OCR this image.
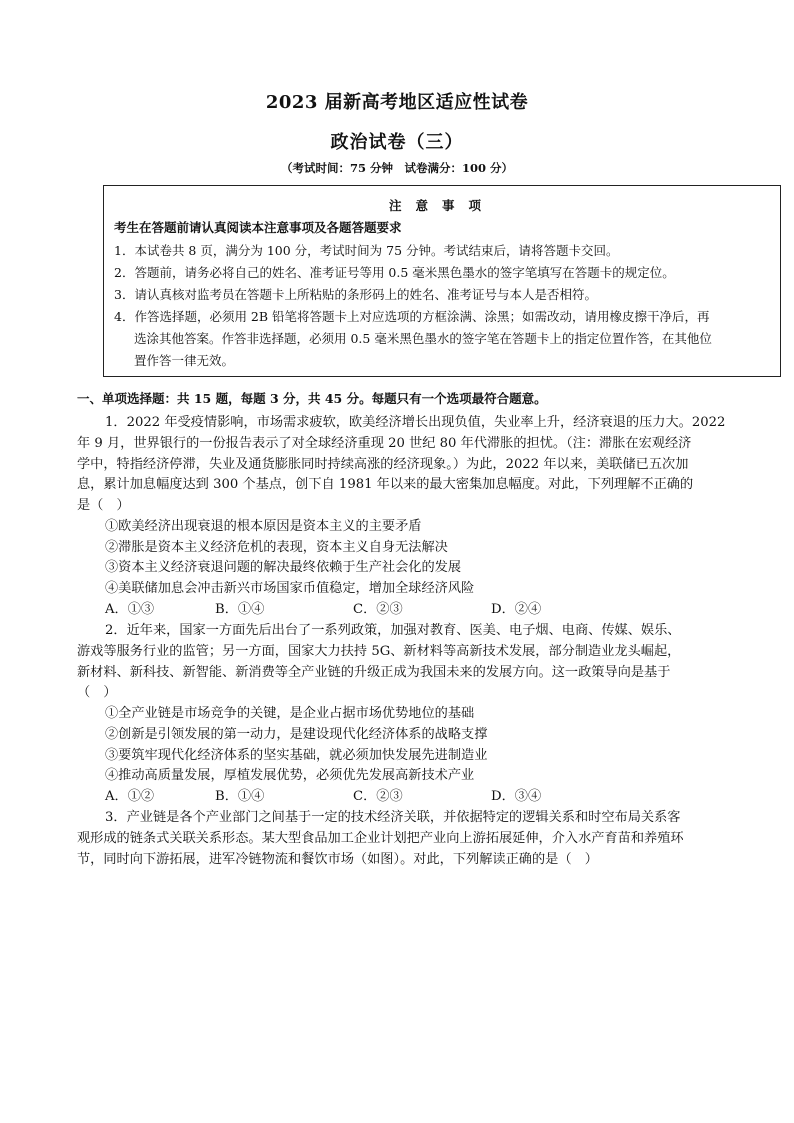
2023 届新高考地区适应性试卷
政治试卷（三）
（考试时间：75 分钟　试卷满分：100 分）
注意事项
考生在答题前请认真阅读本注意事项及各题答题要求
1．本试卷共 8 页，满分为 100 分，考试时间为 75 分钟。考试结束后，请将答题卡交回。
2．答题前，请务必将自己的姓名、准考证号等用 0.5 毫米黑色墨水的签字笔填写在答题卡的规定位。
3．请认真核对监考员在答题卡上所粘贴的条形码上的姓名、准考证号与本人是否相符。
4．作答选择题，必须用 2B 铅笔将答题卡上对应选项的方框涂满、涂黑；如需改动，请用橡皮擦干净后，再
选涂其他答案。作答非选择题，必须用 0.5 毫米黑色墨水的签字笔在答题卡上的指定位置作答，在其他位
置作答一律无效。
一、单项选择题：共 15 题，每题 3 分，共 45 分。每题只有一个选项最符合题意。
1．2022 年受疫情影响，市场需求疲软，欧美经济增长出现负值，失业率上升，经济衰退的压力大。2022
年 9 月，世界银行的一份报告表示了对全球经济重现 20 世纪 80 年代滞胀的担忧。（注：滞胀在宏观经济
学中，特指经济停滞，失业及通货膨胀同时持续高涨的经济现象。）为此，2022 年以来，美联储已五次加
息，累计加息幅度达到 300 个基点，创下自 1981 年以来的最大密集加息幅度。对此，下列理解不正确的
是（　）
①欧美经济出现衰退的根本原因是资本主义的主要矛盾
②滞胀是资本主义经济危机的表现，资本主义自身无法解决
③资本主义经济衰退问题的解决最终依赖于生产社会化的发展
④美联储加息会冲击新兴市场国家币值稳定，增加全球经济风险
A．①③	B．①④	C．②③	D．②④
2．近年来，国家一方面先后出台了一系列政策，加强对教育、医美、电子烟、电商、传媒、娱乐、
游戏等服务行业的监管；另一方面，国家大力扶持 5G、新材料等高新技术发展，部分制造业龙头崛起，
新材料、新科技、新智能、新消费等全产业链的升级正成为我国未来的发展方向。这一政策导向是基于
（　）
①全产业链是市场竞争的关键，是企业占据市场优势地位的基础
②创新是引领发展的第一动力，是建设现代化经济体系的战略支撑
③要筑牢现代化经济体系的坚实基础，就必须加快发展先进制造业
④推动高质量发展，厚植发展优势，必须优先发展高新技术产业
A．①②	B．①④	C．②③	D．③④
3．产业链是各个产业部门之间基于一定的技术经济关联，并依据特定的逻辑关系和时空布局关系客
观形成的链条式关联关系形态。某大型食品加工企业计划把产业向上游拓展延伸，介入水产育苗和养殖环
节，同时向下游拓展，进军冷链物流和餐饮市场（如图）。对此，下列解读正确的是（　）
